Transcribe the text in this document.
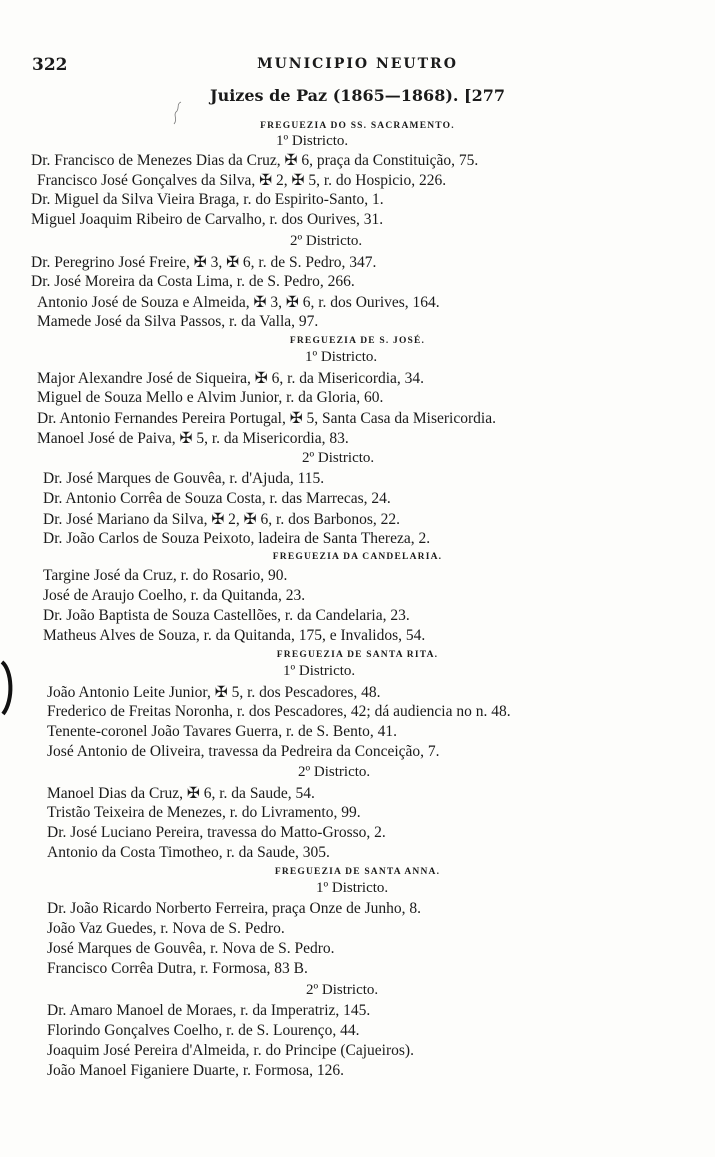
322	MUNICIPIO NEUTRO
Juizes de Paz (1865—1868). [277
FREGUEZIA DO SS. SACRAMENTO.
1º Districto.
Dr. Francisco de Menezes Dias da Cruz, ✠ 6, praça da Constituição, 75.
Francisco José Gonçalves da Silva, ✠ 2, ✠ 5, r. do Hospicio, 226.
Dr. Miguel da Silva Vieira Braga, r. do Espirito-Santo, 1.
Miguel Joaquim Ribeiro de Carvalho, r. dos Ourives, 31.
2º Districto.
Dr. Peregrino José Freire, ✠ 3, ✠ 6, r. de S. Pedro, 347.
Dr. José Moreira da Costa Lima, r. de S. Pedro, 266.
Antonio José de Souza e Almeida, ✠ 3, ✠ 6, r. dos Ourives, 164.
Mamede José da Silva Passos, r. da Valla, 97.
FREGUEZIA DE S. JOSÉ.
1º Districto.
Major Alexandre José de Siqueira, ✠ 6, r. da Misericordia, 34.
Miguel de Souza Mello e Alvim Junior, r. da Gloria, 60.
Dr. Antonio Fernandes Pereira Portugal, ✠ 5, Santa Casa da Misericordia.
Manoel José de Paiva, ✠ 5, r. da Misericordia, 83.
2º Districto.
Dr. José Marques de Gouvêa, r. d'Ajuda, 115.
Dr. Antonio Corrêa de Souza Costa, r. das Marrecas, 24.
Dr. José Mariano da Silva, ✠ 2, ✠ 6, r. dos Barbonos, 22.
Dr. João Carlos de Souza Peixoto, ladeira de Santa Thereza, 2.
FREGUEZIA DA CANDELARIA.
Targine José da Cruz, r. do Rosario, 90.
José de Araujo Coelho, r. da Quitanda, 23.
Dr. João Baptista de Souza Castellões, r. da Candelaria, 23.
Matheus Alves de Souza, r. da Quitanda, 175, e Invalidos, 54.
FREGUEZIA DE SANTA RITA.
1º Districto.
João Antonio Leite Junior, ✠ 5, r. dos Pescadores, 48.
Frederico de Freitas Noronha, r. dos Pescadores, 42; dá audiencia no n. 48.
Tenente-coronel João Tavares Guerra, r. de S. Bento, 41.
José Antonio de Oliveira, travessa da Pedreira da Conceição, 7.
2º Districto.
Manoel Dias da Cruz, ✠ 6, r. da Saude, 54.
Tristão Teixeira de Menezes, r. do Livramento, 99.
Dr. José Luciano Pereira, travessa do Matto-Grosso, 2.
Antonio da Costa Timotheo, r. da Saude, 305.
FREGUEZIA DE SANTA ANNA.
1º Districto.
Dr. João Ricardo Norberto Ferreira, praça Onze de Junho, 8.
João Vaz Guedes, r. Nova de S. Pedro.
José Marques de Gouvêa, r. Nova de S. Pedro.
Francisco Corrêa Dutra, r. Formosa, 83 B.
2º Districto.
Dr. Amaro Manoel de Moraes, r. da Imperatriz, 145.
Florindo Gonçalves Coelho, r. de S. Lourenço, 44.
Joaquim José Pereira d'Almeida, r. do Principe (Cajueiros).
João Manoel Figaniere Duarte, r. Formosa, 126.
